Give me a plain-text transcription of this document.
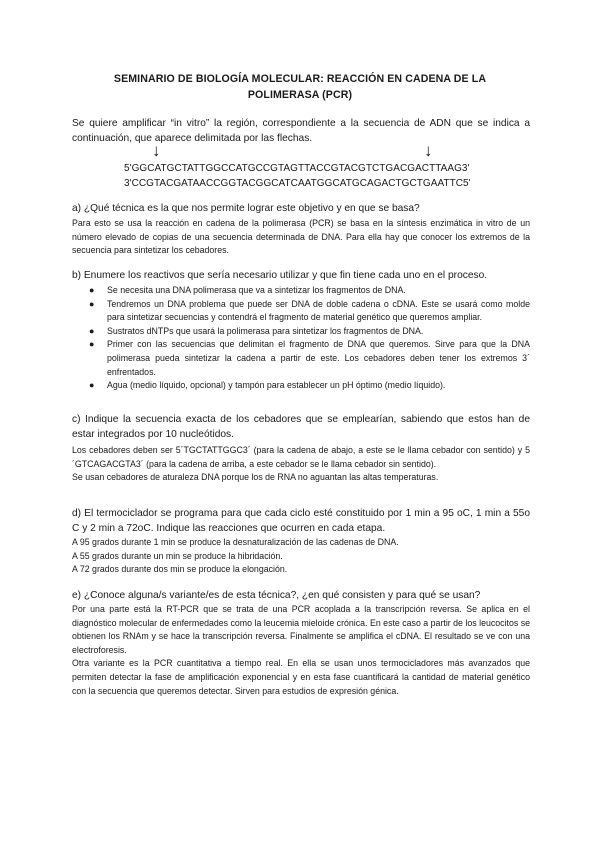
SEMINARIO DE BIOLOGÍA MOLECULAR: REACCIÓN EN CADENA DE LA
POLIMERASA (PCR)
Se quiere amplificar “in vitro” la región, correspondiente a la secuencia de ADN que se indica a continuación, que aparece delimitada por las flechas.
↓	↓
5'GGCATGCTATTGGCCATGCCGTAGTTACCGTACGTCTGACGACTTAAG3'
3'CCGTACGATAACCGGTACGGCATCAATGGCATGCAGACTGCTGAATTC5'
a) ¿Qué técnica es la que nos permite lograr este objetivo y en que se basa?
Para esto se usa la reacción en cadena de la polimerasa (PCR) se basa en la síntesis enzimática in vitro de un número elevado de copias de una secuencia determinada de DNA. Para ella hay que conocer los extremos de la secuencia para sintetizar los cebadores.
b) Enumere los reactivos que sería necesario utilizar y que fin tiene cada uno en el proceso.
● Se necesita una DNA polimerasa que va a sintetizar los fragmentos de DNA.
● Tendremos un DNA problema que puede ser DNA de doble cadena o cDNA. Este se usará como molde para sintetizar secuencias y contendrá el fragmento de material genético que queremos ampliar.
● Sustratos dNTPs que usará la polimerasa para sintetizar los fragmentos de DNA.
● Primer con las secuencias que delimitan el fragmento de DNA que queremos. Sirve para que la DNA polimerasa pueda sintetizar la cadena a partir de este. Los cebadores deben tener los extremos 3´ enfrentados.
● Agua (medio líquido, opcional) y tampón para establecer un pH óptimo (medio líquido).
c) Indique la secuencia exacta de los cebadores que se emplearían, sabiendo que estos han de estar integrados por 10 nucleótidos.

Los cebadores deben ser 5´TGCTATTGGC3´ (para la cadena de abajo, a este se le llama cebador con sentido) y 5´GTCAGACGTA3´ (para la cadena de arriba, a este cebador se le llama cebador sin sentido).

Se usan cebadores de aturaleza DNA porque los de RNA no aguantan las altas temperaturas.

d) El termociclador se programa para que cada ciclo esté constituido por 1 min a 95 oC, 1 min a 55o C y 2 min a 72oC. Indique las reacciones que ocurren en cada etapa.

A 95 grados durante 1 min se produce la desnaturalización de las cadenas de DNA.

A 55 grados durante un min se produce la hibridación.

A 72 grados durante dos min se produce la elongación.

e) ¿Conoce alguna/s variante/es de esta técnica?, ¿en qué consisten y para qué se usan?

Por una parte está la RT-PCR que se trata de una PCR acoplada a la transcripción reversa. Se aplica en el diagnóstico molecular de enfermedades como la leucemia mieloide crónica. En este caso a partir de los leucocitos se obtienen los RNAm y se hace la transcripción reversa. Finalmente se amplifica el cDNA. El resultado se ve con una electroforesis.

Otra variante es la PCR cuantitativa a tiempo real. En ella se usan unos termocicladores más avanzados que permiten detectar la fase de amplificación exponencial y en esta fase cuantificará la cantidad de material genético con la secuencia que queremos detectar. Sirven para estudios de expresión génica.
